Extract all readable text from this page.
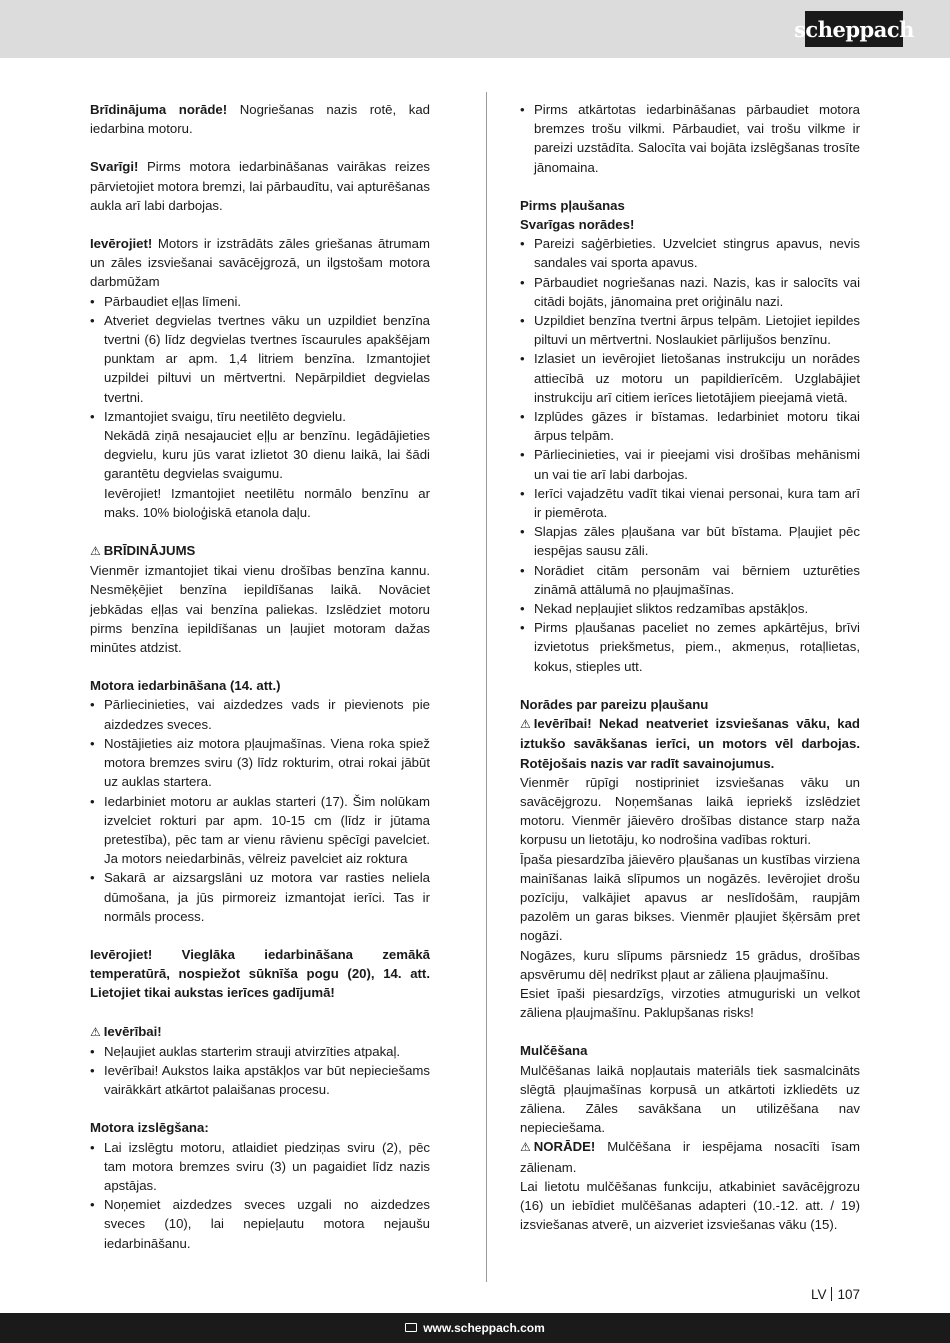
scheppach

Brīdinājuma norāde! Nogriešanas nazis rotē, kad iedarbina motoru.

Svarīgi! Pirms motora iedarbināšanas vairākas reizes pārvietojiet motora bremzi, lai pārbaudītu, vai apturēšanas aukla arī labi darbojas.

Ievērojiet! Motors ir izstrādāts zāles griešanas ātrumam un zāles izsviešanai savācējgrozā, un ilgstošam motora darbmūžam

• Pārbaudiet eļļas līmeni.
• Atveriet degvielas tvertnes vāku un uzpildiet benzīna tvertni (6) līdz degvielas tvertnes īscaurules apakšējam punktam ar apm. 1,4 litriem benzīna. Izmantojiet uzpildei piltuvi un mērtvertni. Nepārpildiet degvielas tvertni.
• Izmantojiet svaigu, tīru neetilēto degvielu.

Nekādā ziņā nesajauciet eļļu ar benzīnu. Iegādājieties degvielu, kuru jūs varat izlietot 30 dienu laikā, lai šādi garantētu degvielas svaigumu.

Ievērojiet! Izmantojiet neetilētu normālo benzīnu ar maks. 10% bioloģiskā etanola daļu.

⚠ BRĪDINĀJUMS

Vienmēr izmantojiet tikai vienu drošības benzīna kannu. Nesmēķējiet benzīna iepildīšanas laikā. Novāciet jebkādas eļļas vai benzīna paliekas. Izslēdziet motoru pirms benzīna iepildīšanas un ļaujiet motoram dažas minūtes atdzist.

Motora iedarbināšana (14. att.)

• Pārliecinieties, vai aizdedzes vads ir pievienots pie aizdedzes sveces.
• Nostājieties aiz motora pļaujmašīnas. Viena roka spiež motora bremzes sviru (3) līdz rokturim, otrai rokai jābūt uz auklas startera.
• Iedarbiniet motoru ar auklas starteri (17). Šim nolūkam izvelciet rokturi par apm. 10-15 cm (līdz ir jūtama pretestība), pēc tam ar vienu rāvienu spēcīgi pavelciet. Ja motors neiedarbinās, vēlreiz pavelciet aiz roktura
• Sakarā ar aizsargslāni uz motora var rasties neliela dūmošana, ja jūs pirmoreiz izmantojat ierīci. Tas ir normāls process.

Ievērojiet! Vieglāka iedarbināšana zemākā temperatūrā, nospiežot sūknīša pogu (20), 14. att. Lietojiet tikai aukstas ierīces gadījumā!

⚠ Ievērībai!

• Neļaujiet auklas starterim strauji atvirzīties atpakaļ.
• Ievērībai! Aukstos laika apstākļos var būt nepieciešams vairākkārt atkārtot palaišanas procesu.

Motora izslēgšana:

• Lai izslēgtu motoru, atlaidiet piedziņas sviru (2), pēc tam motora bremzes sviru (3) un pagaidiet līdz nazis apstājas.
• Noņemiet aizdedzes sveces uzgali no aizdedzes sveces (10), lai nepieļautu motora nejaušu iedarbināšanu.
• Pirms atkārtotas iedarbināšanas pārbaudiet motora bremzes trošu vilkmi. Pārbaudiet, vai trošu vilkme ir pareizi uzstādīta. Salocīta vai bojāta izslēgšanas trosīte jānomaina.

Pirms pļaušanas

Svarīgas norādes!

• Pareizi saģērbieties. Uzvelciet stingrus apavus, nevis sandales vai sporta apavus.
• Pārbaudiet nogriešanas nazi. Nazis, kas ir salocīts vai citādi bojāts, jānomaina pret oriģinālu nazi.
• Uzpildiet benzīna tvertni ārpus telpām. Lietojiet iepildes piltuvi un mērtvertni. Noslaukiet pārlijušos benzīnu.
• Izlasiet un ievērojiet lietošanas instrukciju un norādes attiecībā uz motoru un papildierīcēm. Uzglabājiet instrukciju arī citiem ierīces lietotājiem pieejamā vietā.
• Izplūdes gāzes ir bīstamas. Iedarbiniet motoru tikai ārpus telpām.
• Pārliecinieties, vai ir pieejami visi drošības mehānismi un vai tie arī labi darbojas.
• Ierīci vajadzētu vadīt tikai vienai personai, kura tam arī ir piemērota.
• Slapjas zāles pļaušana var būt bīstama. Pļaujiet pēc iespējas sausu zāli.
• Norādiet citām personām vai bērniem uzturēties zināmā attālumā no pļaujmašīnas.
• Nekad nepļaujiet sliktos redzamības apstākļos.
• Pirms pļaušanas paceliet no zemes apkārtējus, brīvi izvietotus priekšmetus, piem., akmeņus, rotaļlietas, kokus, stieples utt.

Norādes par pareizu pļaušanu

⚠ Ievērībai! Nekad neatveriet izsviešanas vāku, kad iztukšo savākšanas ierīci, un motors vēl darbojas. Rotējošais nazis var radīt savainojumus.

Vienmēr rūpīgi nostipriniet izsviešanas vāku un savācējgrozu. Noņemšanas laikā iepriekš izslēdziet motoru. Vienmēr jāievēro drošības distance starp naža korpusu un lietotāju, ko nodrošina vadības rokturi.

Īpaša piesardzība jāievēro pļaušanas un kustības virziena mainīšanas laikā slīpumos un nogāzēs. Ievērojiet drošu pozīciju, valkājiet apavus ar neslīdošām, raupjām pazolēm un garas bikses. Vienmēr pļaujiet šķērsām pret nogāzi.

Nogāzes, kuru slīpums pārsniedz 15 grādus, drošības apsvērumu dēļ nedrīkst pļaut ar zāliena pļaujmašīnu.

Esiet īpaši piesardzīgs, virzoties atmuguriski un velkot zāliena pļaujmašīnu. Paklupšanas risks!

Mulčēšana

Mulčēšanas laikā nopļautais materiāls tiek sasmalcināts slēgtā pļaujmašīnas korpusā un atkārtoti izkliedēts uz zāliena. Zāles savākšana un utilizēšana nav nepieciešama.

⚠ NORĀDE! Mulčēšana ir iespējama nosacīti īsam zālienam.

Lai lietotu mulčēšanas funkciju, atkabiniet savācējgrozu (16) un iebīdiet mulčēšanas adapteri (10.-12. att. / 19) izsviešanas atverē, un aizveriet izsviešanas vāku (15).

LV 107
www.scheppach.com
